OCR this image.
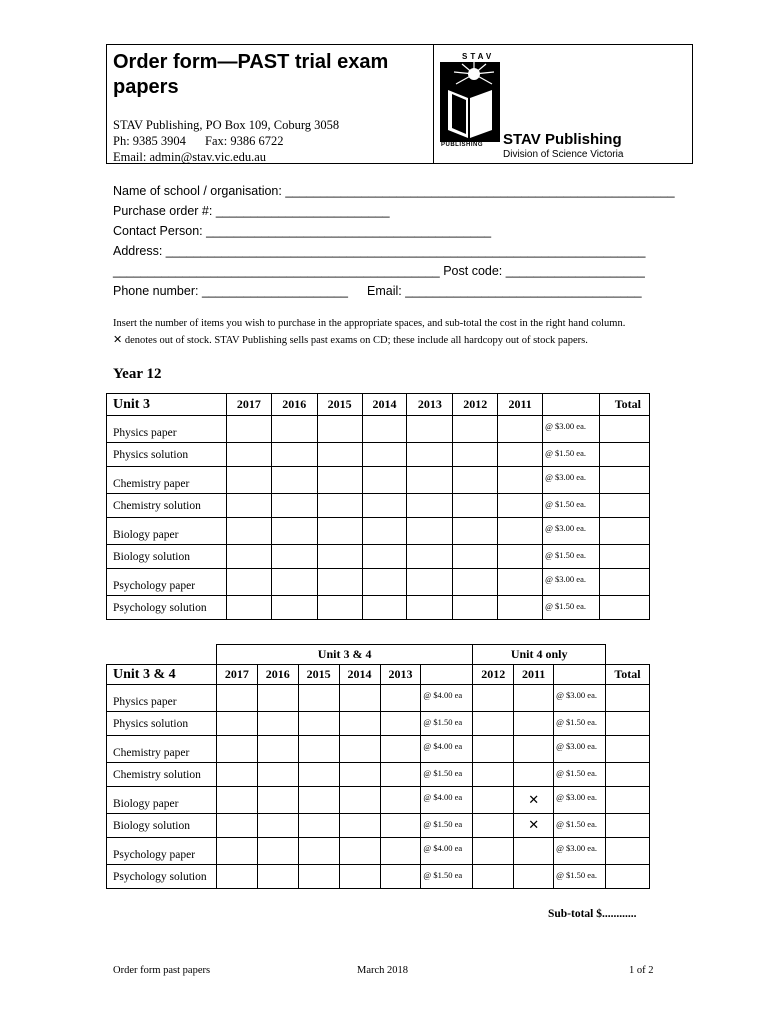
Order form—PAST trial exam papers
STAV Publishing, PO Box 109, Coburg 3058
Ph: 9385 3904 Fax: 9386 6722
Email: admin@stav.vic.edu.au
STAV
PUBLISHING STAV Publishing
Division of Science Victoria
Name of school / organisation: ________________________________________________________
Purchase order #: _________________________
Contact Person: _________________________________________
Address: _____________________________________________________________________
_______________________________________________ Post code: ____________________
Phone number: _____________________ Email: __________________________________
Insert the number of items you wish to purchase in the appropriate spaces, and sub-total the cost in the right hand column.
✕ denotes out of stock. STAV Publishing sells past exams on CD; these include all hardcopy out of stock papers.
Year 12
Unit 3	2017	2016	2015	2014	2013	2012	2011		Total
Physics paper								@ $3.00 ea.	
Physics solution								@ $1.50 ea.	
Chemistry paper								@ $3.00 ea.	
Chemistry solution								@ $1.50 ea.	
Biology paper								@ $3.00 ea.	
Biology solution								@ $1.50 ea.	
Psychology paper								@ $3.00 ea.	
Psychology solution								@ $1.50 ea.	
	Unit 3 & 4						Unit 4 only			
Unit 3 & 4	2017	2016	2015	2014	2013		2012	2011		Total
Physics paper						@ $4.00 ea			@ $3.00 ea.	
Physics solution						@ $1.50 ea			@ $1.50 ea.	
Chemistry paper						@ $4.00 ea			@ $3.00 ea.	
Chemistry solution						@ $1.50 ea			@ $1.50 ea.	
Biology paper						@ $4.00 ea		✕	@ $3.00 ea.	
Biology solution						@ $1.50 ea		✕	@ $1.50 ea.	
Psychology paper						@ $4.00 ea			@ $3.00 ea.	
Psychology solution						@ $1.50 ea			@ $1.50 ea.	
Sub-total $............
Order form past papers	March 2018	1 of 2
